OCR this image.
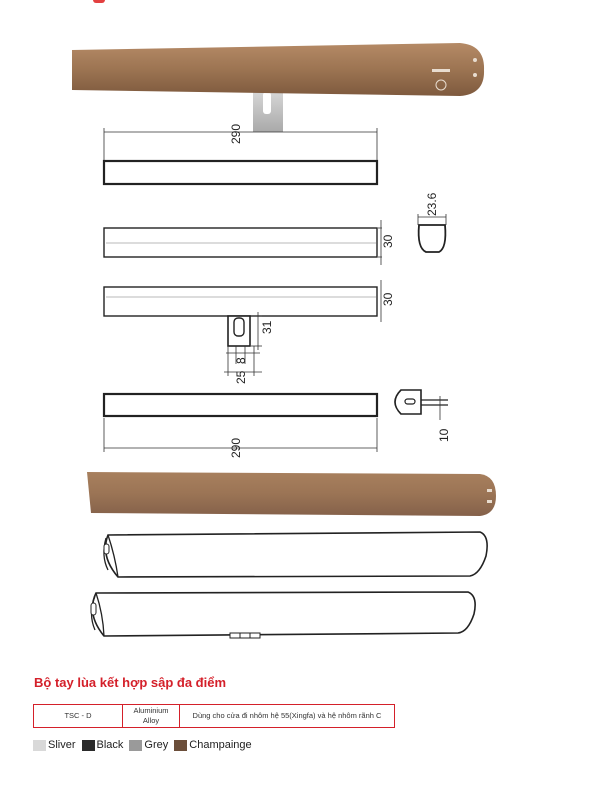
290
23.6
30
30
31
8
25
10
290
Bộ tay lùa kết hợp sập đa điểm
TSC - D	Aluminium Alloy	Dùng cho cửa đi nhôm hệ 55(Xingfa) và hệ nhôm rãnh C
Sliver Black Grey Champainge
